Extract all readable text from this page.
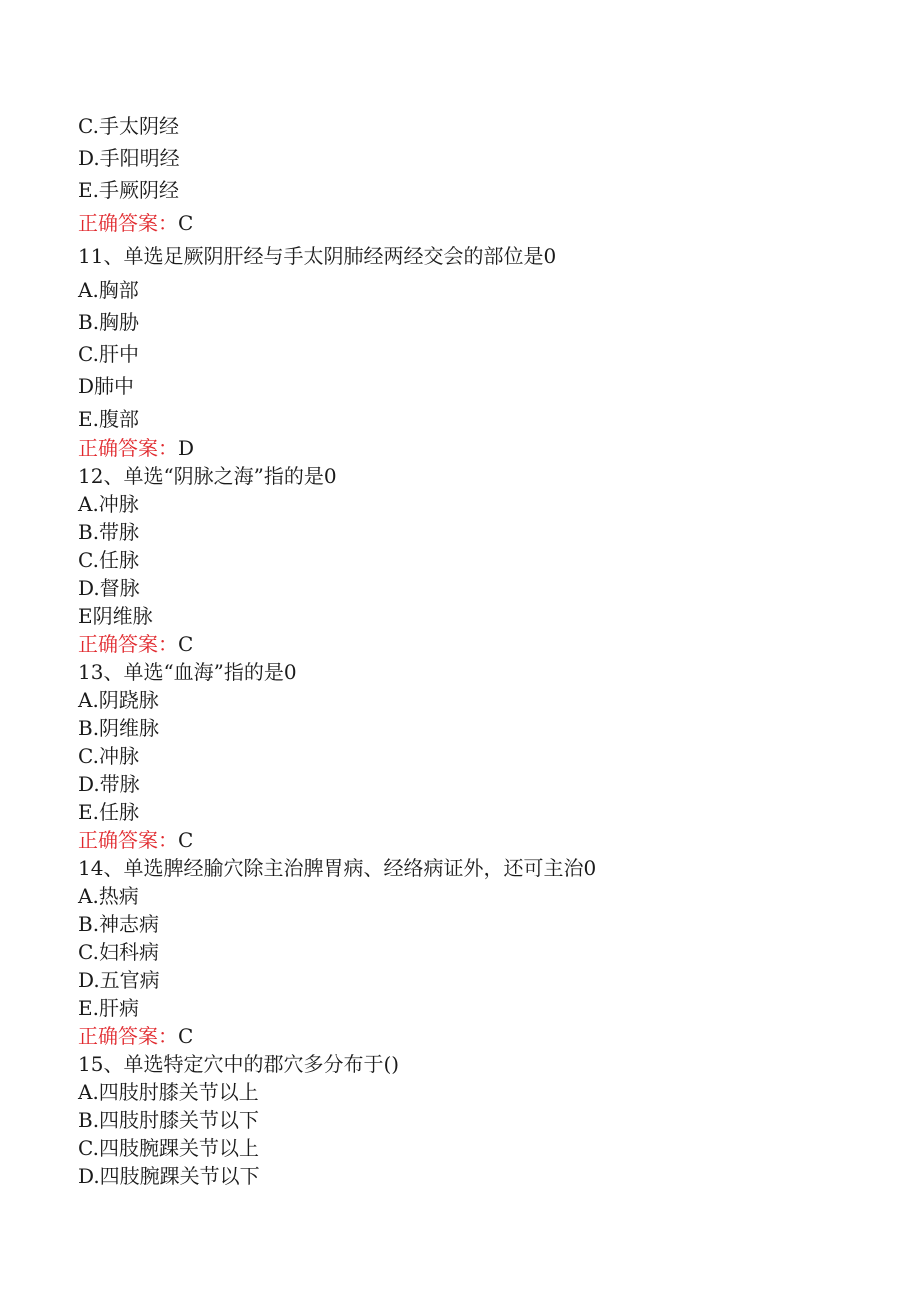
C.手太阴经
D.手阳明经
E.手厥阴经
正确答案：C
11、单选足厥阴肝经与手太阴肺经两经交会的部位是0
A.胸部
B.胸胁
C.肝中
D肺中
E.腹部
正确答案：D
12、单选“阴脉之海”指的是0
A.冲脉
B.带脉
C.任脉
D.督脉
E阴维脉
正确答案：C
13、单选“血海”指的是0
A.阴跷脉
B.阴维脉
C.冲脉
D.带脉
E.任脉
正确答案：C
14、单选脾经腧穴除主治脾胃病、经络病证外，还可主治0
A.热病
B.神志病
C.妇科病
D.五官病
E.肝病
正确答案：C
15、单选特定穴中的郡穴多分布于()
A.四肢肘膝关节以上
B.四肢肘膝关节以下
C.四肢腕踝关节以上
D.四肢腕踝关节以下
